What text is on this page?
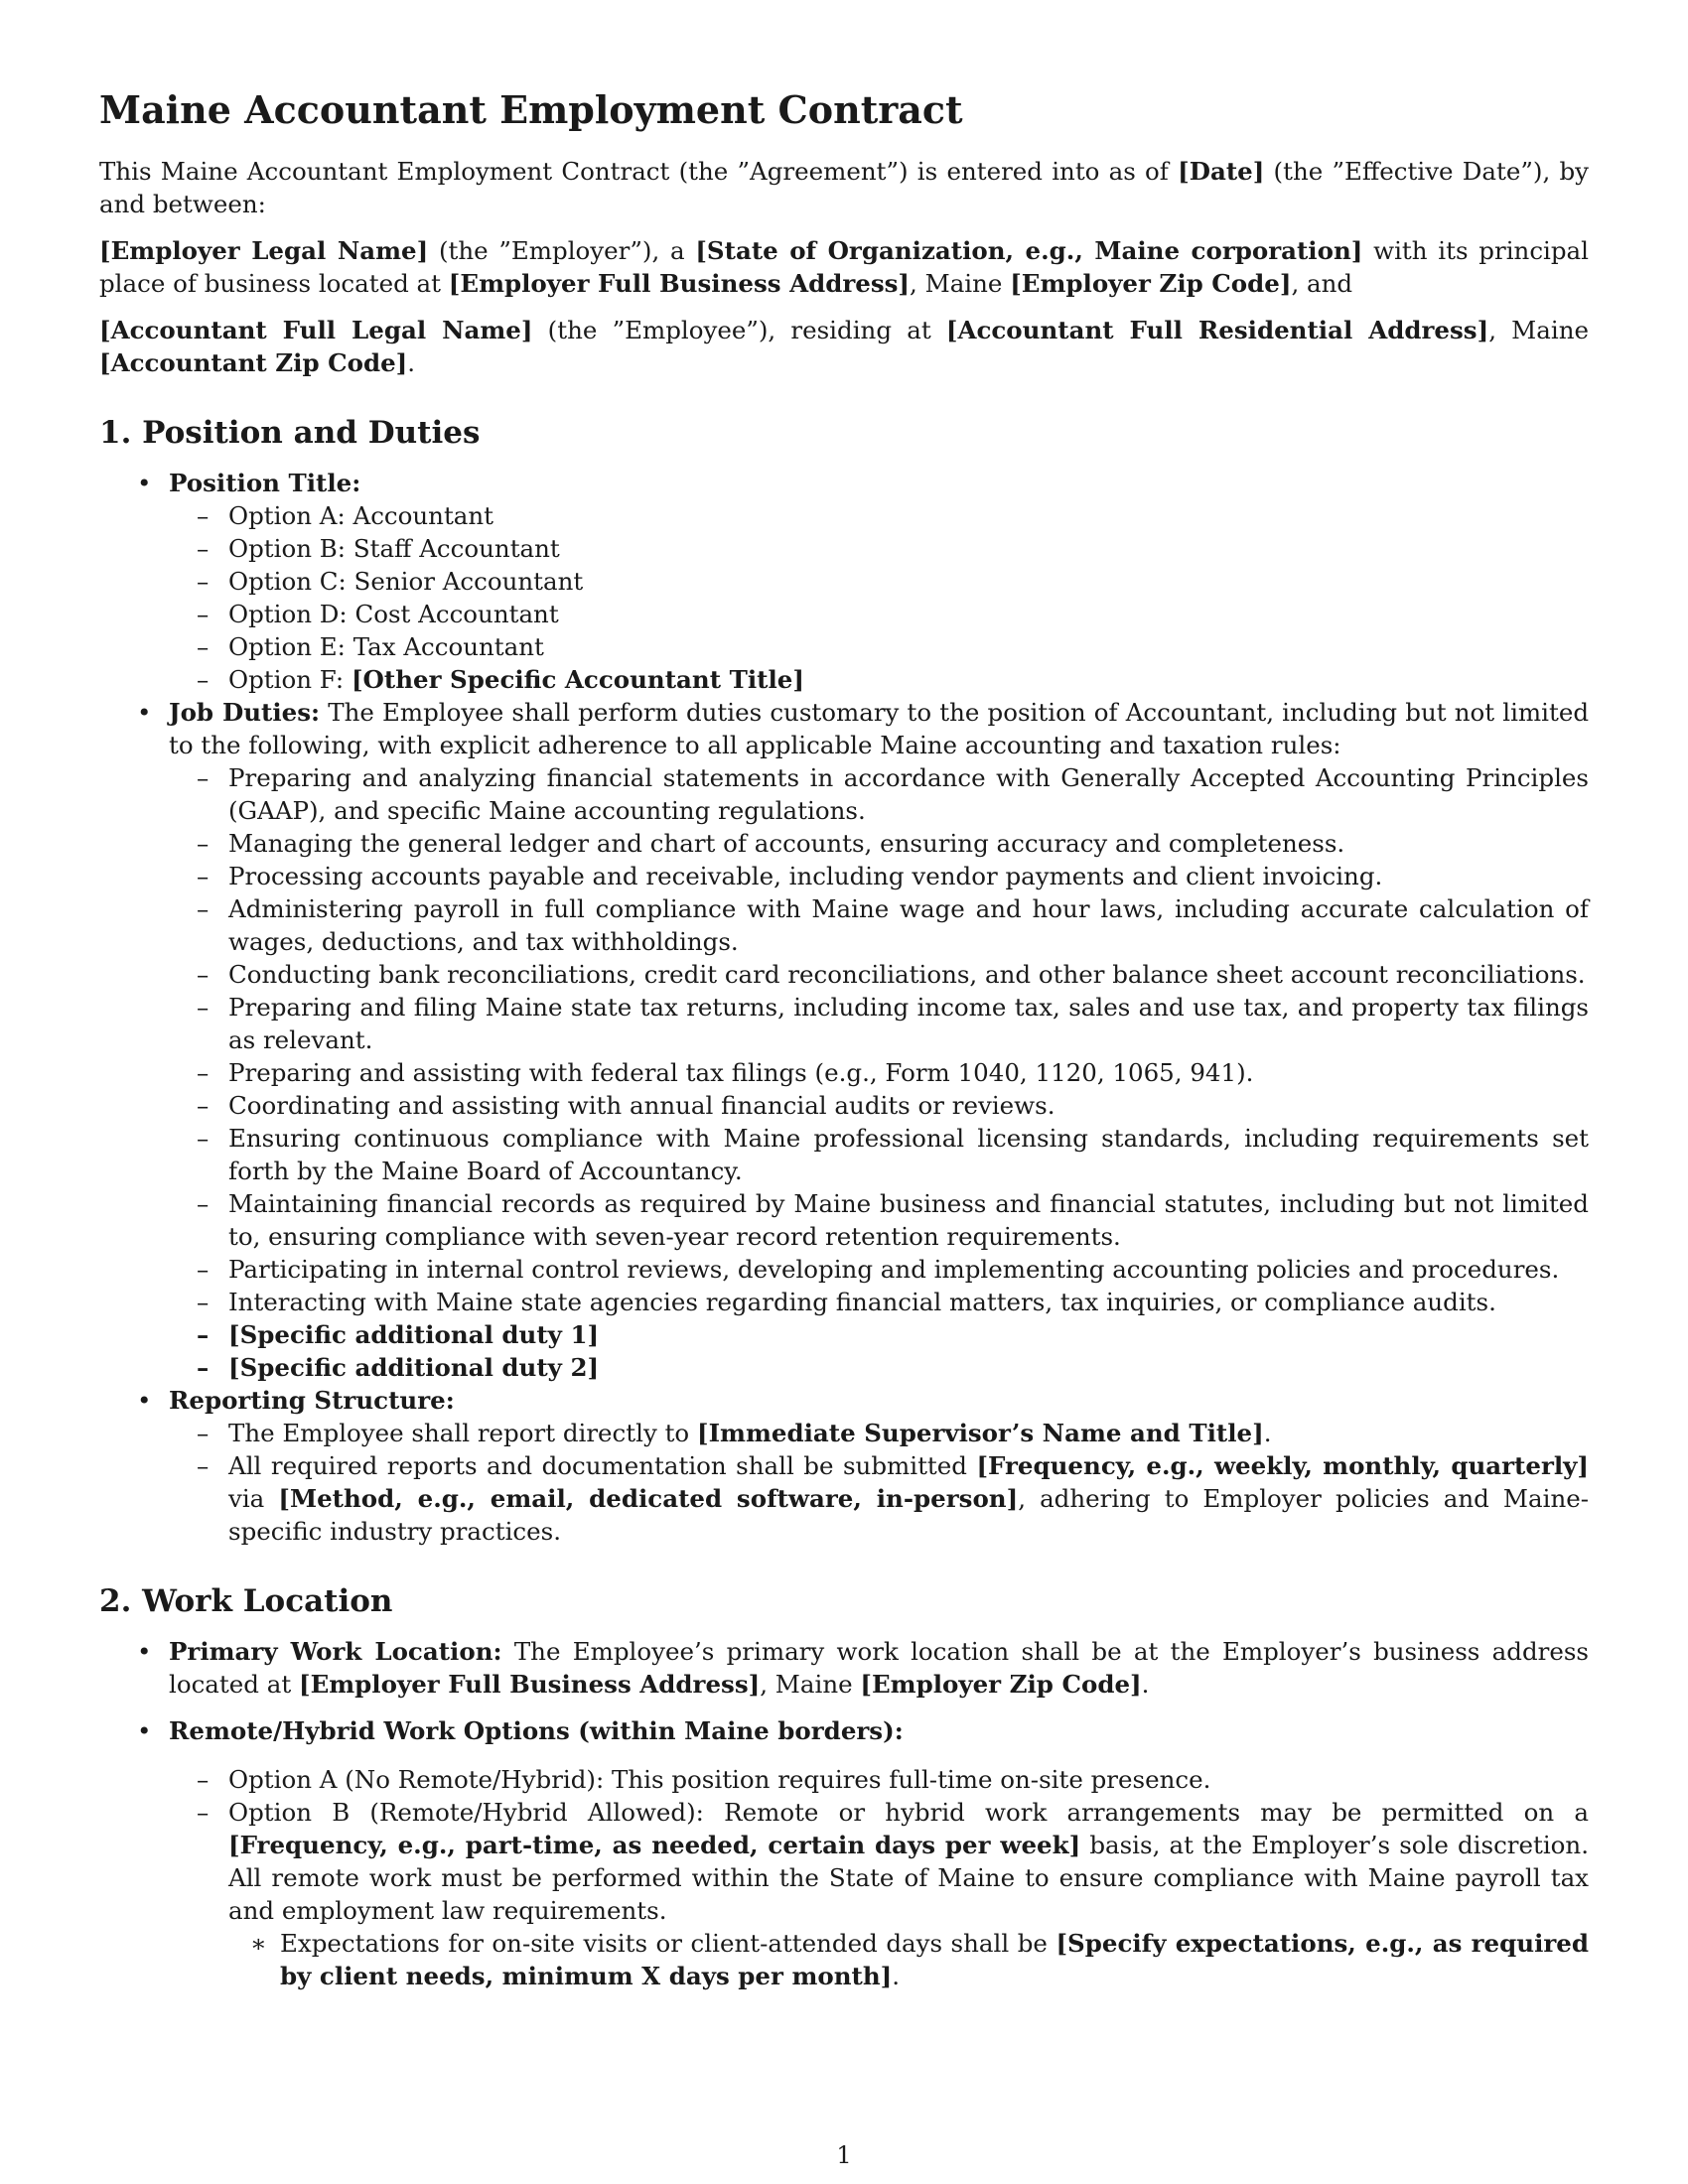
Maine Accountant Employment Contract

This Maine Accountant Employment Contract (the ”Agreement”) is entered into as of [Date] (the ”Effective Date”), by and between:

[Employer Legal Name] (the ”Employer”), a [State of Organization, e.g., Maine corporation] with its principal place of business located at [Employer Full Business Address], Maine [Employer Zip Code], and

[Accountant Full Legal Name] (the ”Employee”), residing at [Accountant Full Residential Address], Maine [Accountant Zip Code].

1. Position and Duties
• Position Title:
– Option A: Accountant
– Option B: Staff Accountant
– Option C: Senior Accountant
– Option D: Cost Accountant
– Option E: Tax Accountant
– Option F: [Other Specific Accountant Title]
• Job Duties: The Employee shall perform duties customary to the position of Accountant, including but not limited to the following, with explicit adherence to all applicable Maine accounting and taxation rules:
– Preparing and analyzing financial statements in accordance with Generally Accepted Accounting Principles (GAAP), and specific Maine accounting regulations.
– Managing the general ledger and chart of accounts, ensuring accuracy and completeness.
– Processing accounts payable and receivable, including vendor payments and client invoicing.
– Administering payroll in full compliance with Maine wage and hour laws, including accurate calculation of wages, deductions, and tax withholdings.
– Conducting bank reconciliations, credit card reconciliations, and other balance sheet account reconciliations.
– Preparing and filing Maine state tax returns, including income tax, sales and use tax, and property tax filings as relevant.
– Preparing and assisting with federal tax filings (e.g., Form 1040, 1120, 1065, 941).
– Coordinating and assisting with annual financial audits or reviews.
– Ensuring continuous compliance with Maine professional licensing standards, including requirements set forth by the Maine Board of Accountancy.
– Maintaining financial records as required by Maine business and financial statutes, including but not limited to, ensuring compliance with seven-year record retention requirements.
– Participating in internal control reviews, developing and implementing accounting policies and procedures.
– Interacting with Maine state agencies regarding financial matters, tax inquiries, or compliance audits.
– [Specific additional duty 1]
– [Specific additional duty 2]
• Reporting Structure:
– The Employee shall report directly to [Immediate Supervisor’s Name and Title].
– All required reports and documentation shall be submitted [Frequency, e.g., weekly, monthly, quarterly] via [Method, e.g., email, dedicated software, in-person], adhering to Employer policies and Maine-specific industry practices.
2. Work Location
• Primary Work Location: The Employee’s primary work location shall be at the Employer’s business address located at [Employer Full Business Address], Maine [Employer Zip Code].
• Remote/Hybrid Work Options (within Maine borders):
– Option A (No Remote/Hybrid): This position requires full-time on-site presence.
– Option B (Remote/Hybrid Allowed): Remote or hybrid work arrangements may be permitted on a [Frequency, e.g., part-time, as needed, certain days per week] basis, at the Employer’s sole discretion. All remote work must be performed within the State of Maine to ensure compliance with Maine payroll tax and employment law requirements.
∗ Expectations for on-site visits or client-attended days shall be [Specify expectations, e.g., as required by client needs, minimum X days per month].
1
